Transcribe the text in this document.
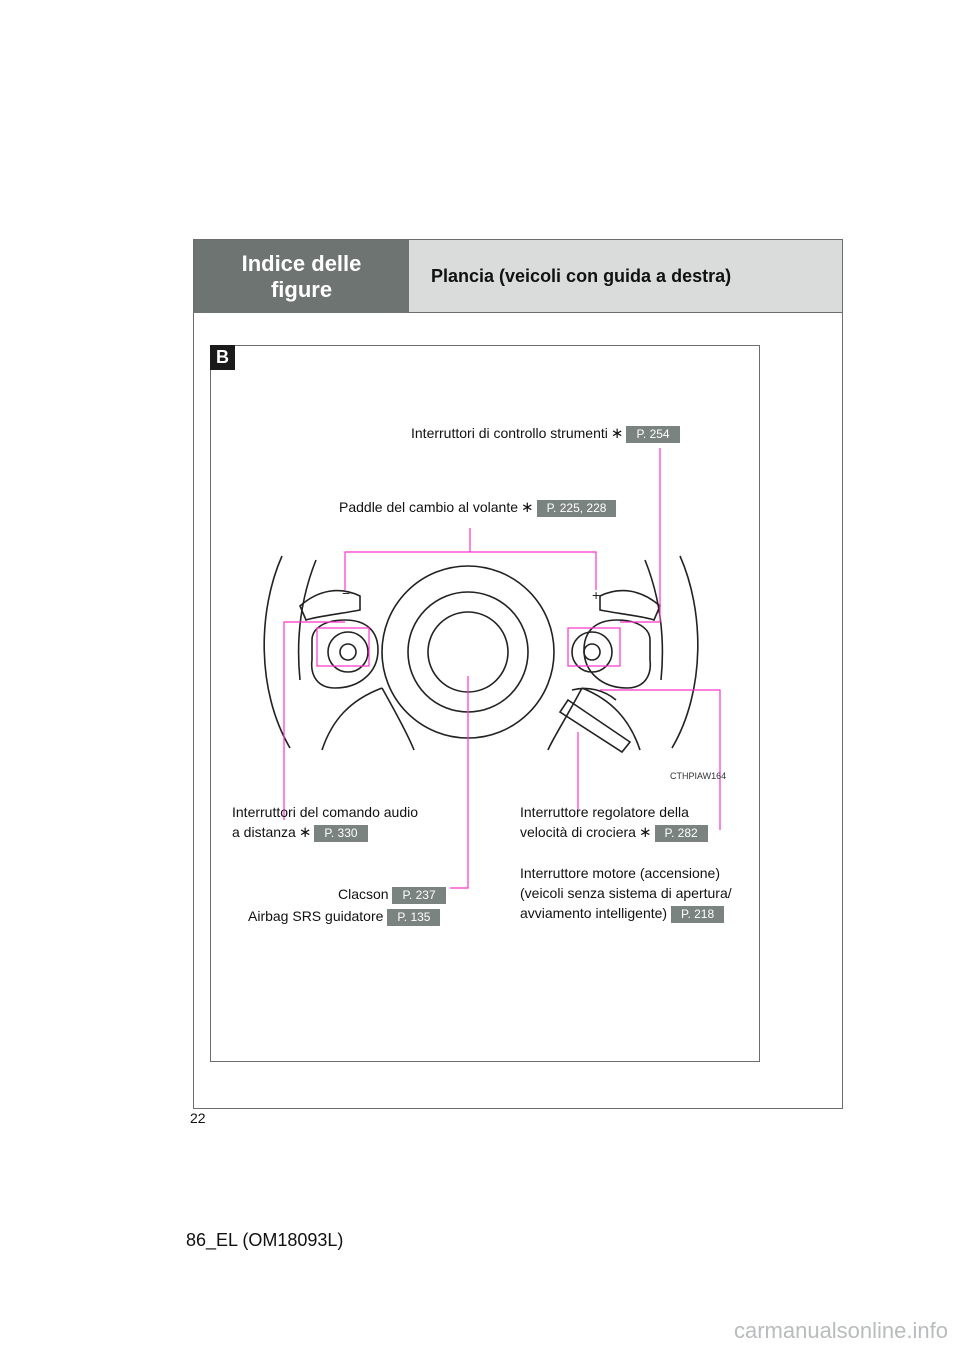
Indice delle figure
Plancia (veicoli con guida a destra)
B
−	+
CTHPIAW164
Interruttori di controllo strumenti ∗ P. 254
Paddle del cambio al volante ∗ P. 225, 228
Interruttori del comando audio
a distanza ∗ P. 330
Interruttore regolatore della
velocità di crociera ∗ P. 282
Clacson P. 237
Airbag SRS guidatore P. 135
Interruttore motore (accensione)
(veicoli senza sistema di apertura/
avviamento intelligente) P. 218
22
86_EL (OM18093L)
carmanualsonline.info
